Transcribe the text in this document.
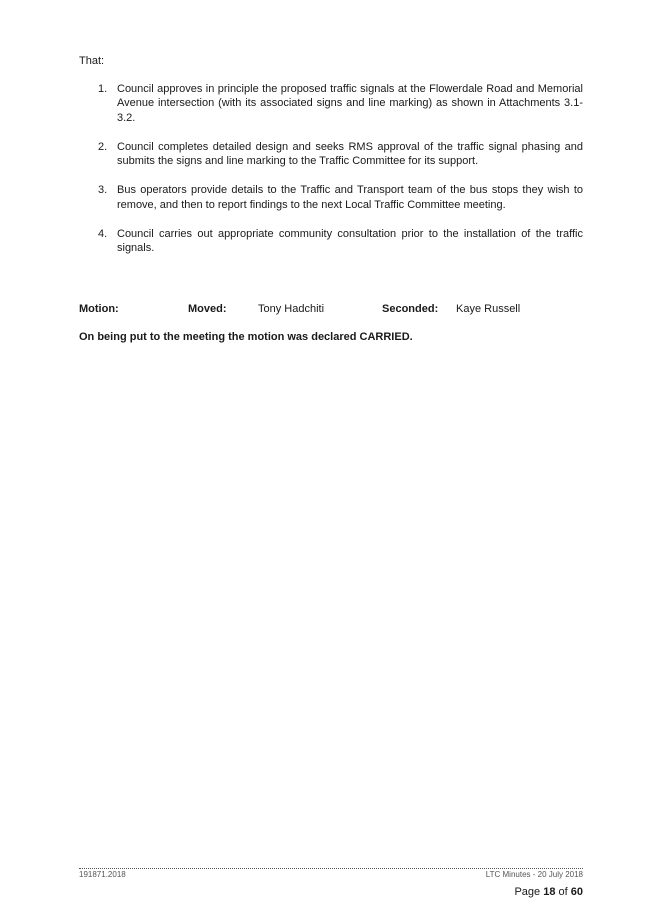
That:
1. Council approves in principle the proposed traffic signals at the Flowerdale Road and Memorial Avenue intersection (with its associated signs and line marking) as shown in Attachments 3.1-3.2.
2. Council completes detailed design and seeks RMS approval of the traffic signal phasing and submits the signs and line marking to the Traffic Committee for its support.
3. Bus operators provide details to the Traffic and Transport team of the bus stops they wish to remove, and then to report findings to the next Local Traffic Committee meeting.
4. Council carries out appropriate community consultation prior to the installation of the traffic signals.
Motion:	Moved:	Tony Hadchiti	Seconded: Kaye Russell
On being put to the meeting the motion was declared CARRIED.
191871.2018	LTC Minutes - 20 July 2018
Page 18 of 60
